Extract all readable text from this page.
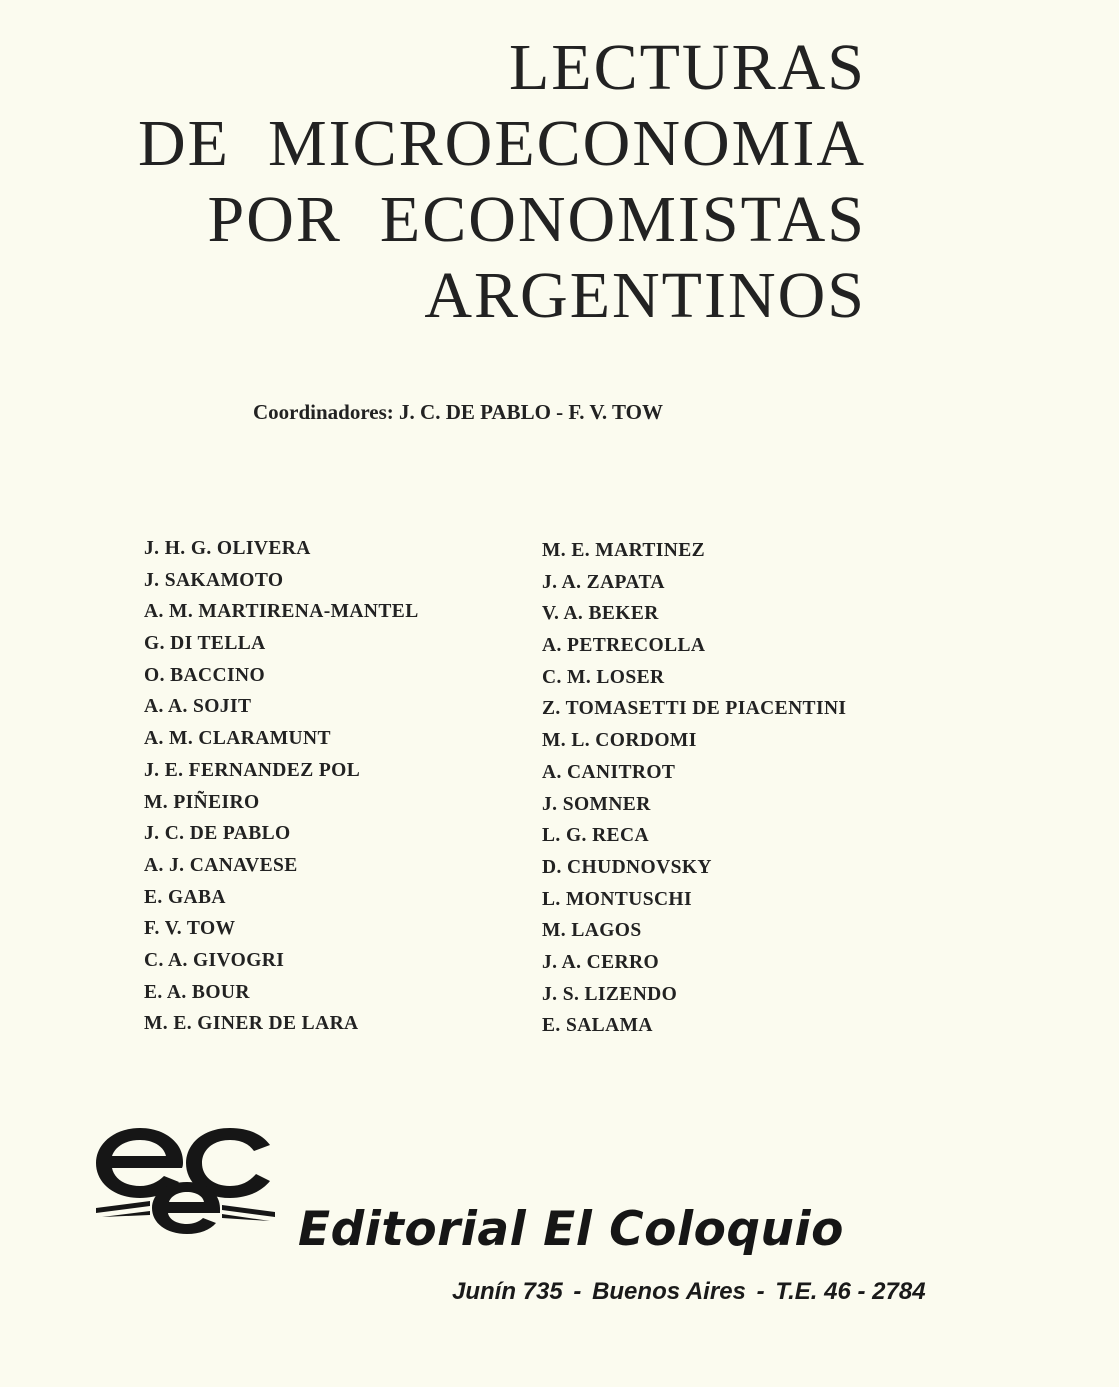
LECTURAS
DE MICROECONOMIA
POR ECONOMISTAS
ARGENTINOS
Coordinadores: J. C. DE PABLO - F. V. TOW
J. H. G. OLIVERA
J. SAKAMOTO
A. M. MARTIRENA-MANTEL
G. DI TELLA
O. BACCINO
A. A. SOJIT
A. M. CLARAMUNT
J. E. FERNANDEZ POL
M. PIÑEIRO
J. C. DE PABLO
A. J. CANAVESE
E. GABA
F. V. TOW
C. A. GIVOGRI
E. A. BOUR
M. E. GINER DE LARA
M. E. MARTINEZ
J. A. ZAPATA
V. A. BEKER
A. PETRECOLLA
C. M. LOSER
Z. TOMASETTI DE PIACENTINI
M. L. CORDOMI
A. CANITROT
J. SOMNER
L. G. RECA
D. CHUDNOVSKY
L. MONTUSCHI
M. LAGOS
J. A. CERRO
J. S. LIZENDO
E. SALAMA
Editorial El Coloquio
Junín 735 - Buenos Aires - T.E. 46 - 2784
